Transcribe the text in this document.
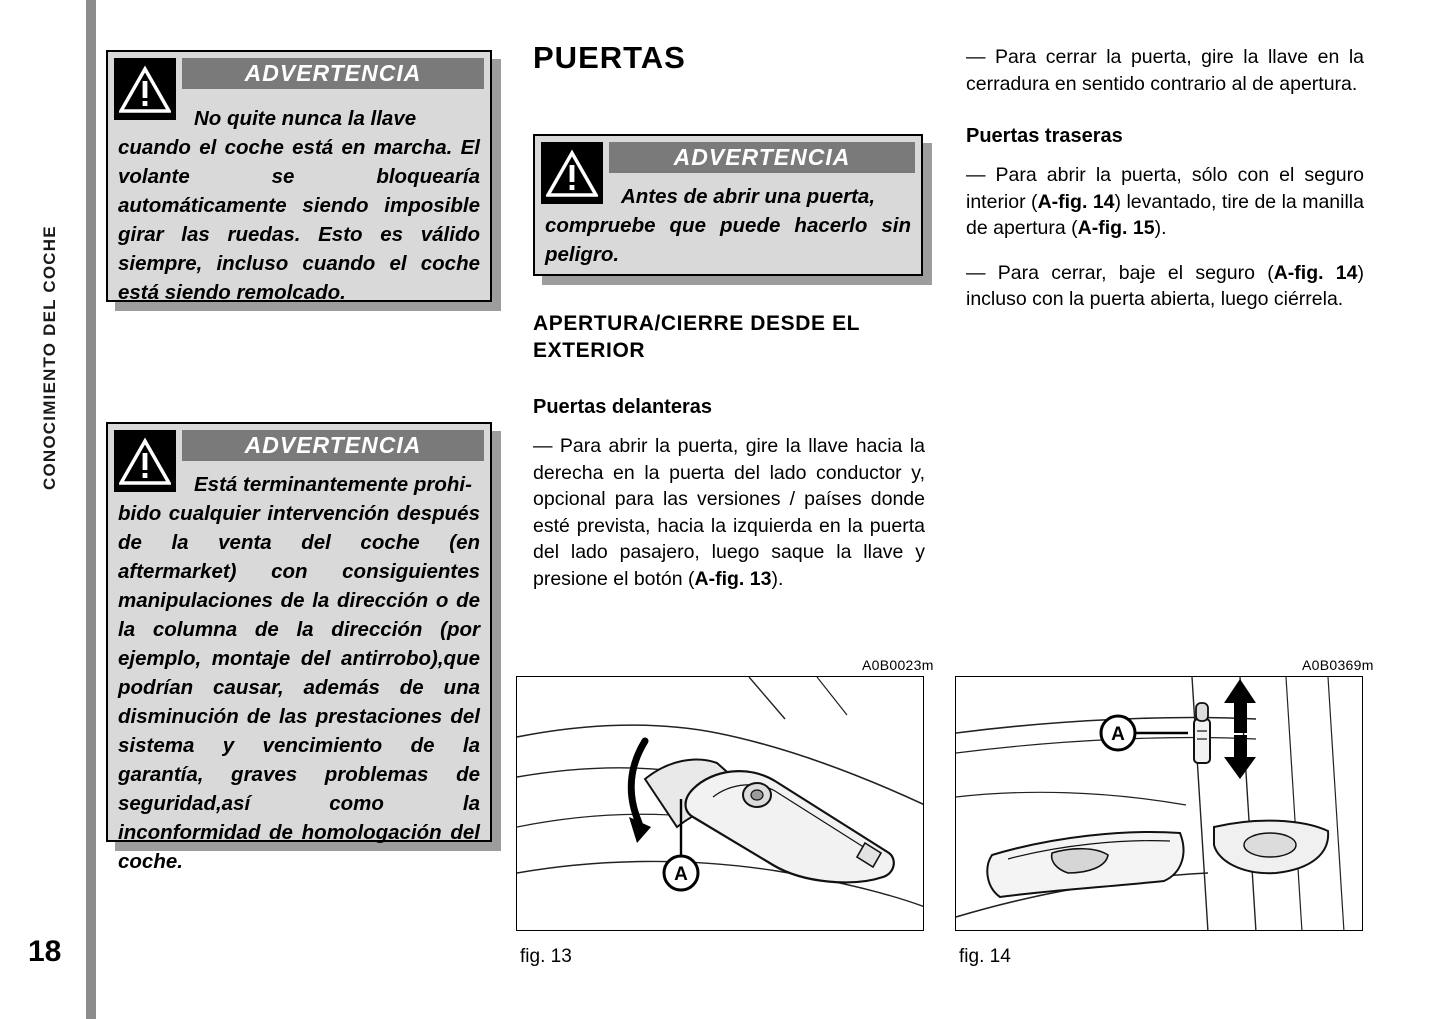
CONOCIMIENTO DEL COCHE
18
ADVERTENCIA

No quite nunca la llave

cuando el coche está en marcha. El volante se bloquearía automáticamente siendo imposible girar las ruedas. Esto es válido siempre, incluso cuando el coche está siendo remolcado.

ADVERTENCIA

Está terminantemente prohi-

bido cualquier intervención después de la venta del coche (en aftermarket) con consiguientes manipulaciones de la dirección o de la columna de la dirección (por ejemplo, montaje del antirrobo),que podrían causar, además de una disminución de las prestaciones del sistema y vencimiento de la garantía, graves problemas de seguridad,así como la inconformidad de homologación del coche.

PUERTAS
ADVERTENCIA

Antes de abrir una puerta,

compruebe que puede hacerlo sin peligro.

APERTURA/CIERRE DESDE EL EXTERIOR
Puertas delanteras

— Para abrir la puerta, gire la llave hacia la derecha en la puerta del lado conductor y, opcional para las versiones / países donde esté prevista, hacia la izquierda en la puerta del lado pasajero, luego saque la llave y presione el botón (A-fig. 13).

— Para cerrar la puerta, gire la llave en la cerradura en sentido contrario al de apertura.

Puertas traseras

— Para abrir la puerta, sólo con el seguro interior (A-fig. 14) levantado, tire de la manilla de apertura (A-fig. 15).

— Para cerrar, baje el seguro (A-fig. 14) incluso con la puerta abierta, luego ciérrela.

A0B0023m
A
fig. 13
A0B0369m
A
fig. 14
